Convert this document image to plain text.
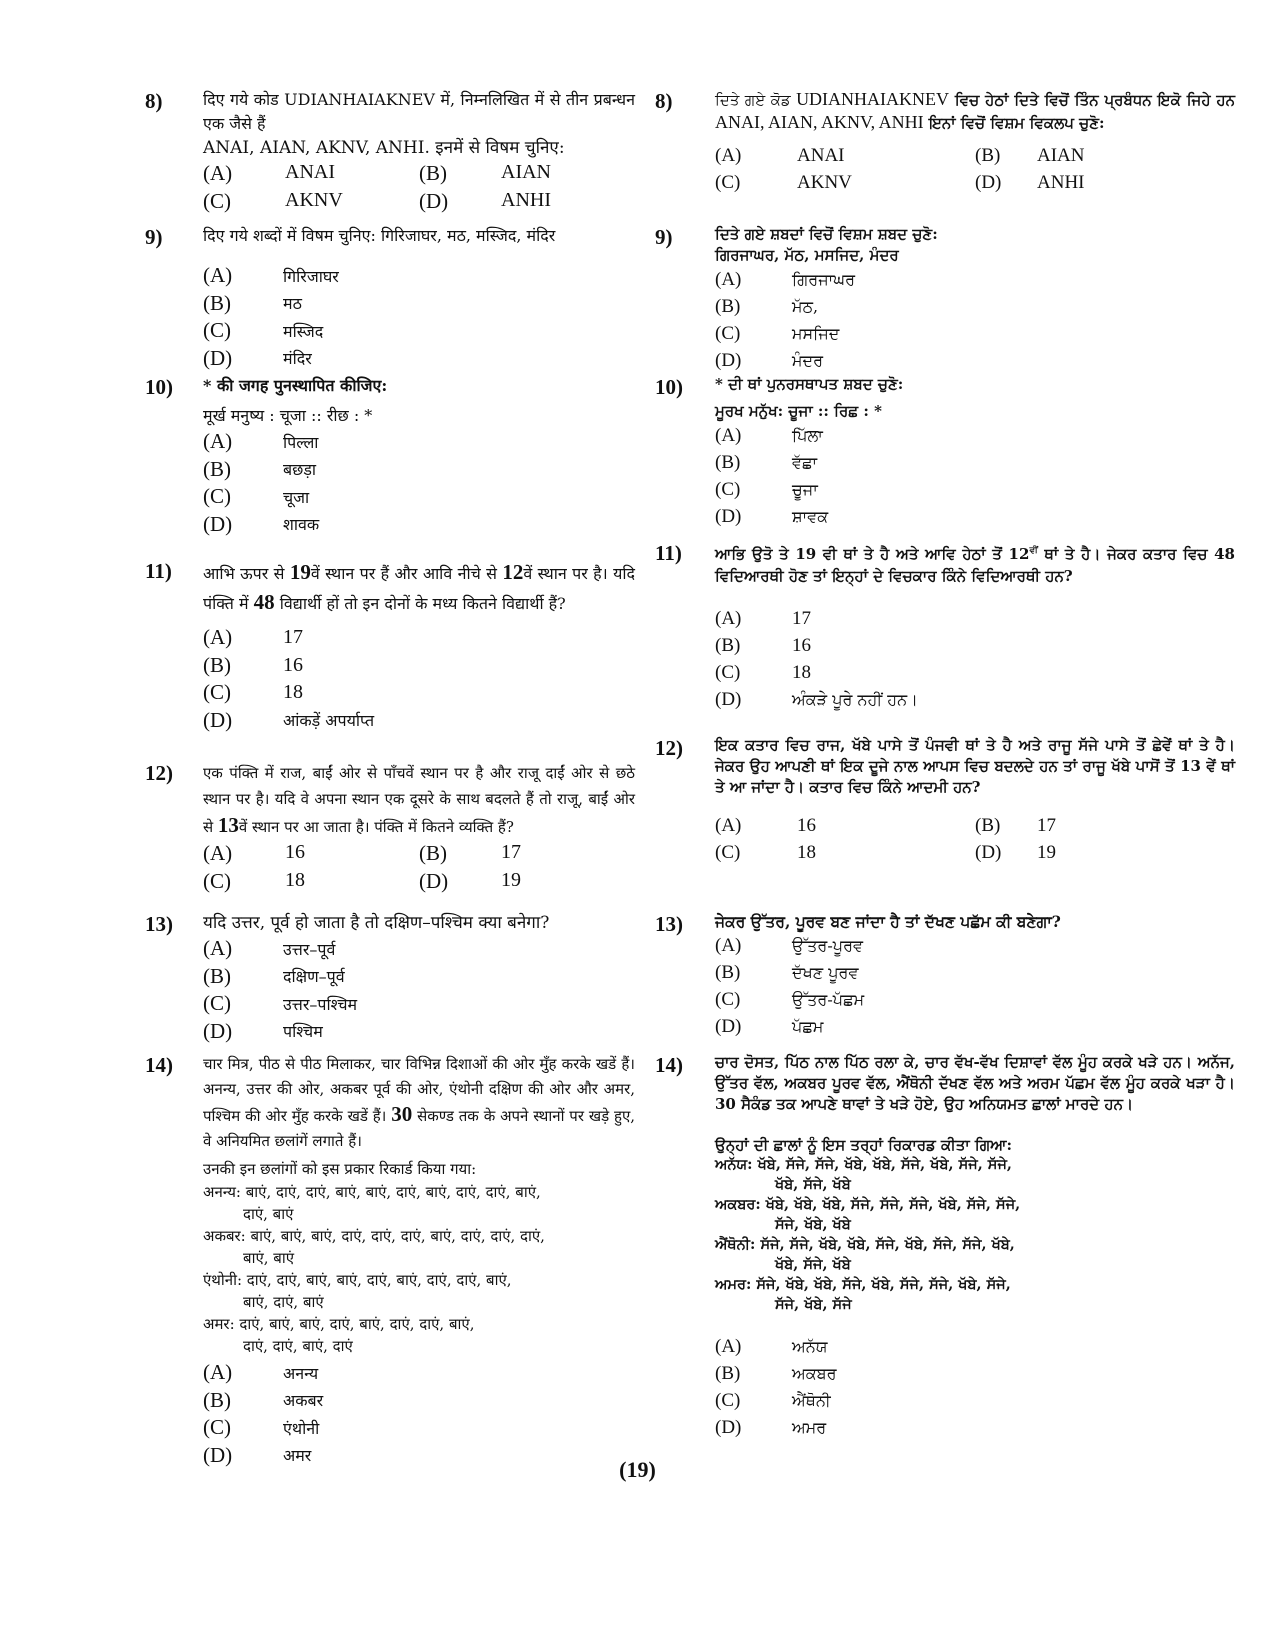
8)	दिए गये कोड UDIANHAIAKNEV में, निम्नलिखित में से तीन प्रबन्धन एक जैसे हैं

ANAI, AIAN, AKNV, ANHI. इनमें से विषम चुनिए:

(A)	ANAI	(B)	AIAN
(C)	AKNV	(D)	ANHI
9)	दिए गये शब्दों में विषम चुनिए: गिरिजाघर, मठ, मस्जिद, मंदिर

(A)	गिरिजाघर
(B)	मठ
(C)	मस्जिद
(D)	मंदिर
10) * की जगह पुनस्थापित कीजिए:

मूर्ख मनुष्य : चूजा :: रीछ : *

(A)	पिल्ला
(B)	बछड़ा
(C)	चूजा
(D)	शावक
11) आभि ऊपर से 19वें स्थान पर हैं और आवि नीचे से 12वें स्थान पर है। यदि पंक्ति में 48 विद्यार्थी हों तो इन दोनों के मध्य कितने विद्यार्थी हैं?

(A)	17
(B)	16
(C)	18
(D)	आंकड़ें अपर्याप्त
12) एक पंक्ति में राज, बाईं ओर से पाँचवें स्थान पर है और राजू दाईं ओर से छठे स्थान पर है। यदि वे अपना स्थान एक दूसरे के साथ बदलते हैं तो राजू, बाईं ओर से 13वें स्थान पर आ जाता है। पंक्ति में कितने व्यक्ति हैं?

(A)	16	(B)	17
(C)	18	(D)	19
13) यदि उत्तर, पूर्व हो जाता है तो दक्षिण–पश्चिम क्या बनेगा?

(A)	उत्तर–पूर्व
(B)	दक्षिण–पूर्व
(C)	उत्तर–पश्चिम
(D)	पश्चिम
14) चार मित्र, पीठ से पीठ मिलाकर, चार विभिन्न दिशाओं की ओर मुँह करके खडें हैं। अनन्य, उत्तर की ओर, अकबर पूर्व की ओर, एंथोनी दक्षिण की ओर और अमर, पश्चिम की ओर मुँह करके खडें हैं। 30 सेकण्ड तक के अपने स्थानों पर खड़े हुए, वे अनियमित छलांगें लगाते हैं।

उनकी इन छलांगों को इस प्रकार रिकार्ड किया गया:

अनन्य: बाएं, दाएं, दाएं, बाएं, बाएं, दाएं, बाएं, दाएं, दाएं, बाएं,
दाएं, बाएं
अकबर: बाएं, बाएं, बाएं, दाएं, दाएं, दाएं, बाएं, दाएं, दाएं, दाएं,
बाएं, बाएं
एंथोनी: दाएं, दाएं, बाएं, बाएं, दाएं, बाएं, दाएं, दाएं, बाएं,
बाएं, दाएं, बाएं
अमर: दाएं, बाएं, बाएं, दाएं, बाएं, दाएं, दाएं, बाएं,
दाएं, दाएं, बाएं, दाएं
(A)	अनन्य
(B)	अकबर
(C)	एंथोनी
(D)	अमर
8)	ਦਿਤੇ ਗਏ ਕੋਡ UDIANHAIAKNEV ਵਿਚ ਹੇਠਾਂ ਦਿਤੇ ਵਿਚੋਂ ਤਿੰਨ ਪ੍ਰਬੰਧਨ ਇਕੋ ਜਿਹੇ ਹਨ ANAI, AIAN, AKNV, ANHI ਇਨਾਂ ਵਿਚੋਂ ਵਿਸ਼ਮ ਵਿਕਲਪ ਚੁਣੋ:

(A)	ANAI	(B)	AIAN
(C)	AKNV	(D)	ANHI
9)	ਦਿਤੇ ਗਏ ਸ਼ਬਦਾਂ ਵਿਚੋਂ ਵਿਸ਼ਮ ਸ਼ਬਦ ਚੁਣੋ:

ਗਿਰਜਾਘਰ, ਮੱਠ, ਮਸਜਿਦ, ਮੰਦਰ

(A)	ਗਿਰਜਾਘਰ
(B)	ਮੱਠ,
(C)	ਮਸਜਿਦ
(D)	ਮੰਦਰ
10) * ਦੀ ਥਾਂ ਪੁਨਰਸਥਾਪਤ ਸ਼ਬਦ ਚੁਣੋ:

ਮੂਰਖ ਮਨੁੱਖ: ਚੂਜਾ :: ਰਿਛ : *

(A)	ਪਿੱਲਾ
(B)	ਵੱਛਾ
(C)	ਚੂਜਾ
(D)	ਸ਼ਾਵਕ
11) ਆਭਿ ਉਤੋ ਤੇ 19 ਵੀ ਥਾਂ ਤੇ ਹੈ ਅਤੇ ਆਵਿ ਹੇਠਾਂ ਤੋਂ $12^{ਵੀਂ}$ ਥਾਂ ਤੇ ਹੈ। ਜੇਕਰ ਕਤਾਰ ਵਿਚ 48 ਵਿਦਿਆਰਥੀ ਹੋਣ ਤਾਂ ਇਨ੍ਹਾਂ ਦੇ ਵਿਚਕਾਰ ਕਿੰਨੇ ਵਿਦਿਆਰਥੀ ਹਨ?

(A)	17
(B)	16
(C)	18
(D)	ਅੰਕੜੇ ਪੂਰੇ ਨਹੀਂ ਹਨ।
12) ਇਕ ਕਤਾਰ ਵਿਚ ਰਾਜ, ਖੱਬੇ ਪਾਸੇ ਤੋਂ ਪੰਜਵੀ ਥਾਂ ਤੇ ਹੈ ਅਤੇ ਰਾਜੂ ਸੱਜੇ ਪਾਸੇ ਤੋਂ ਛੇਵੇਂ ਥਾਂ ਤੇ ਹੈ। ਜੇਕਰ ਉਹ ਆਪਣੀ ਥਾਂ ਇਕ ਦੂਜੇ ਨਾਲ ਆਪਸ ਵਿਚ ਬਦਲਦੇ ਹਨ ਤਾਂ ਰਾਜੂ ਖੱਬੇ ਪਾਸੋਂ ਤੋਂ 13 ਵੇਂ ਥਾਂ ਤੇ ਆ ਜਾਂਦਾ ਹੈ। ਕਤਾਰ ਵਿਚ ਕਿੰਨੇ ਆਦਮੀ ਹਨ?

(A)	16	(B)	17
(C)	18	(D)	19
13) ਜੇਕਰ ਉੱਤਰ, ਪੂਰਵ ਬਣ ਜਾਂਦਾ ਹੈ ਤਾਂ ਦੱਖਣ ਪਛੱਮ ਕੀ ਬਣੇਗਾ?

(A)	ਉੱਤਰ-ਪੂਰਵ
(B)	ਦੱਖਣ ਪੂਰਵ
(C)	ਉੱਤਰ-ਪੱਛਮ
(D)	ਪੱਛਮ
14) ਚਾਰ ਦੋਸਤ, ਪਿੱਠ ਨਾਲ ਪਿੱਠ ਰਲਾ ਕੇ, ਚਾਰ ਵੱਖ-ਵੱਖ ਦਿਸ਼ਾਵਾਂ ਵੱਲ ਮੂੰਹ ਕਰਕੇ ਖੜੇ ਹਨ। ਅਨੱਜ, ਉੱਤਰ ਵੱਲ, ਅਕਬਰ ਪੂਰਵ ਵੱਲ, ਐਂਥੋਨੀ ਦੱਖਣ ਵੱਲ ਅਤੇ ਅਰਮ ਪੱਛਮ ਵੱਲ ਮੂੰਹ ਕਰਕੇ ਖੜਾ ਹੈ। 30 ਸੈਕੰਡ ਤਕ ਆਪਣੇ ਥਾਵਾਂ ਤੇ ਖੜੇ ਹੋਏ, ਉਹ ਅਨਿਯਮਤ ਛਾਲਾਂ ਮਾਰਦੇ ਹਨ।

ਉਨ੍ਹਾਂ ਦੀ ਛਾਲਾਂ ਨੂੰ ਇਸ ਤਰ੍ਹਾਂ ਰਿਕਾਰਡ ਕੀਤਾ ਗਿਆ:

ਅਨੱਯ: ਖੱਬੇ, ਸੱਜੇ, ਸੱਜੇ, ਖੱਬੇ, ਖੱਬੇ, ਸੱਜੇ, ਖੱਬੇ, ਸੱਜੇ, ਸੱਜੇ,
ਖੱਬੇ, ਸੱਜੇ, ਖੱਬੇ
ਅਕਬਰ: ਖੱਬੇ, ਖੱਬੇ, ਖੱਬੇ, ਸੱਜੇ, ਸੱਜੇ, ਸੱਜੇ, ਖੱਬੇ, ਸੱਜੇ, ਸੱਜੇ,
ਸੱਜੇ, ਖੱਬੇ, ਖੱਬੇ
ਐਂਥੋਨੀ: ਸੱਜੇ, ਸੱਜੇ, ਖੱਬੇ, ਖੱਬੇ, ਸੱਜੇ, ਖੱਬੇ, ਸੱਜੇ, ਸੱਜੇ, ਖੱਬੇ,
ਖੱਬੇ, ਸੱਜੇ, ਖੱਬੇ
ਅਮਰ: ਸੱਜੇ, ਖੱਬੇ, ਖੱਬੇ, ਸੱਜੇ, ਖੱਬੇ, ਸੱਜੇ, ਸੱਜੇ, ਖੱਬੇ, ਸੱਜੇ,
ਸੱਜੇ, ਖੱਬੇ, ਸੱਜੇ
(A)	ਅਨੱਯ
(B)	ਅਕਬਰ
(C)	ਐਂਥੋਨੀ
(D)	ਅਮਰ
(19)
